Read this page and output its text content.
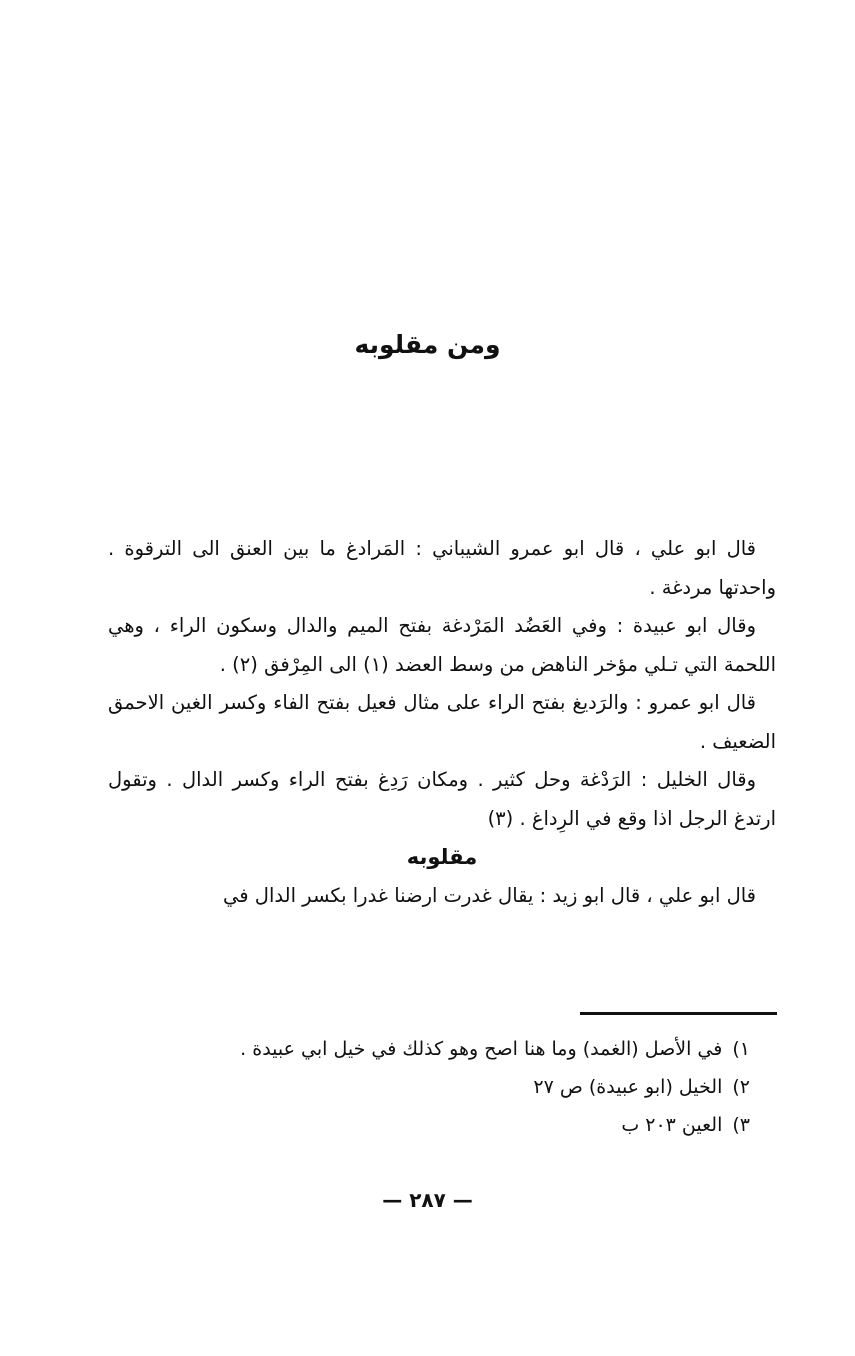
ومن مقلوبه

قال ابو علي ، قال ابو عمرو الشيباني : المَرادغ ما بين العنق الى الترقوة . واحدتها مردغة .

وقال ابو عبيدة : وفي العَضُد المَرْدغة بفتح الميم والدال وسكون الراء ، وهي اللحمة التي تـلي مؤخر الناهض من وسط العضد (١) الى المِرْفق (٢) .

قال ابو عمرو : والرَديغ بفتح الراء على مثال فعيل بفتح الفاء وكسر الغين الاحمق الضعيف .

وقال الخليل : الرَدْغة وحل كثير . ومكان رَدِغ بفتح الراء وكسر الدال . وتقول ارتدغ الرجل اذا وقع في الرِداغ . (٣)

مقلوبه

قال ابو علي ، قال ابو زيد : يقال غدرت ارضنا غدرا بكسر الدال في

١)
في الأصل (الغمد) وما هنا اصح وهو كذلك في خيل ابي عبيدة .
٢)
الخيل (ابو عبيدة) ص ٢٧
٣)
العين ٢٠٣ ب
— ٢٨٧ —
